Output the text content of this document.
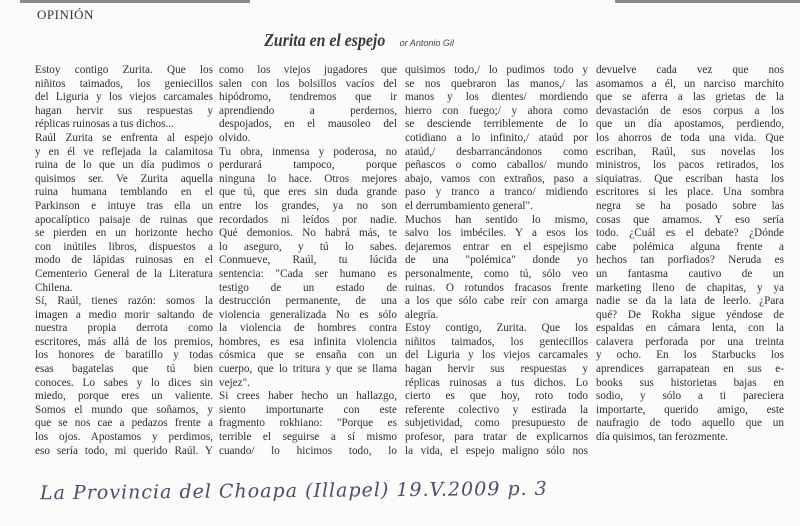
OPINIÓN
Zurita en el espejo or Antonio Gil
Estoy contigo Zurita. Que los
niñitos taimados, los geniecillos
del Liguria y los viejos carcamales
hagan hervir sus respuestas y
réplicas ruinosas a tus dichos...
Raúl Zurita se enfrenta al espejo
y en él ve reflejada la calamitosa
ruina de lo que un día pudimos o
quisimos ser. Ve Zurita aquella
ruina humana temblando en el
Parkinson e intuye tras ella un
apocalíptico paisaje de ruinas que
se pierden en un horizonte hecho
con inútiles libros, dispuestos a
modo de lápidas ruinosas en el
Cementerio General de la Literatura
Chilena.
Sí, Raúl, tienes razón: somos la
imagen a medio morir saltando de
nuestra propia derrota como
escritores, más allá de los premios,
los honores de baratillo y todas
esas bagatelas que tú bien
conoces. Lo sabes y lo dices sin
miedo, porque eres un valiente.
Somos el mundo que soñamos, y
que se nos cae a pedazos frente a
los ojos. Apostamos y perdimos,
eso sería todo, mi querido Raúl. Y
como los viejos jugadores que
salen con los bolsillos vacíos del
hipódromo, tendremos que ir
aprendiendo a perdernos,
despojados, en el mausoleo del
olvido.
Tu obra, inmensa y poderosa, no
perdurará tampoco, porque
ninguna lo hace. Otros mejores
que tú, que eres sin duda grande
entre los grandes, ya no son
recordados ni leídos por nadie.
Qué demonios. No habrá más, te
lo aseguro, y tú lo sabes.
Conmueve, Raúl, tu lúcida
sentencia: "Cada ser humano es
testigo de un estado de
destrucción permanente, de una
violencia generalizada No es sólo
la violencia de hombres contra
hombres, es esa infinita violencia
cósmica que se ensaña con un
cuerpo, que lo tritura y que se llama
vejez".
Si crees haber hecho un hallazgo,
siento importunarte con este
fragmento rokhiano: "Porque es
terrible el seguirse a sí mismo
cuando/ lo hicimos todo, lo
quisimos todo,/ lo pudimos todo y
se nos quebraron las manos,/ las
manos y los dientes/ mordiendo
hierro con fuego;/ y ahora como
se desciende terriblemente de lo
cotidiano a lo infinito,/ ataúd por
ataúd,/ desbarrancándonos como
peñascos o como caballos/ mundo
abajo, vamos con extraños, paso a
paso y tranco a tranco/ midiendo
el derrumbamiento general".
Muchos han sentido lo mismo,
salvo los imbéciles. Y a esos los
dejaremos entrar en el espejismo
de una "polémica" donde yo
personalmente, como tú, sólo veo
ruinas. O rotundos fracasos frente
a los que sólo cabe reír con amarga
alegría.
Estoy contigo, Zurita. Que los
niñitos taimados, los geniecillos
del Liguria y los viejos carcamales
hagan hervir sus respuestas y
réplicas ruinosas a tus dichos. Lo
cierto es que hoy, roto todo
referente colectivo y estirada la
subjetividad, como presupuesto de
profesor, para tratar de explicarnos
la vida, el espejo maligno sólo nos
devuelve cada vez que nos
asomamos a él, un narciso marchito
que se aferra a las grietas de la
devastación de esos corpus a los
que un día apostamos, perdiendo,
los ahorros de toda una vida. Que
escriban, Raúl, sus novelas los
ministros, los pacos retirados, los
siquiatras. Que escriban hasta los
escritores si les place. Una sombra
negra se ha posado sobre las
cosas que amamos. Y eso sería
todo. ¿Cuál es el debate? ¿Dónde
cabe polémica alguna frente a
hechos tan porfiados? Neruda es
un fantasma cautivo de un
marketing lleno de chapitas, y ya
nadie se da la lata de leerlo. ¿Para
qué? De Rokha sigue yéndose de
espaldas en cámara lenta, con la
calavera perforada por una treinta
y ocho. En los Starbucks los
aprendices garrapatean en sus e-
books sus historietas bajas en
sodio, y sólo a ti pareciera
importarte, querido amigo, este
naufragio de todo aquello que un
día quisimos, tan ferozmente.
La Provincia del Choapa (Illapel) 19.V.2009 p. 3
